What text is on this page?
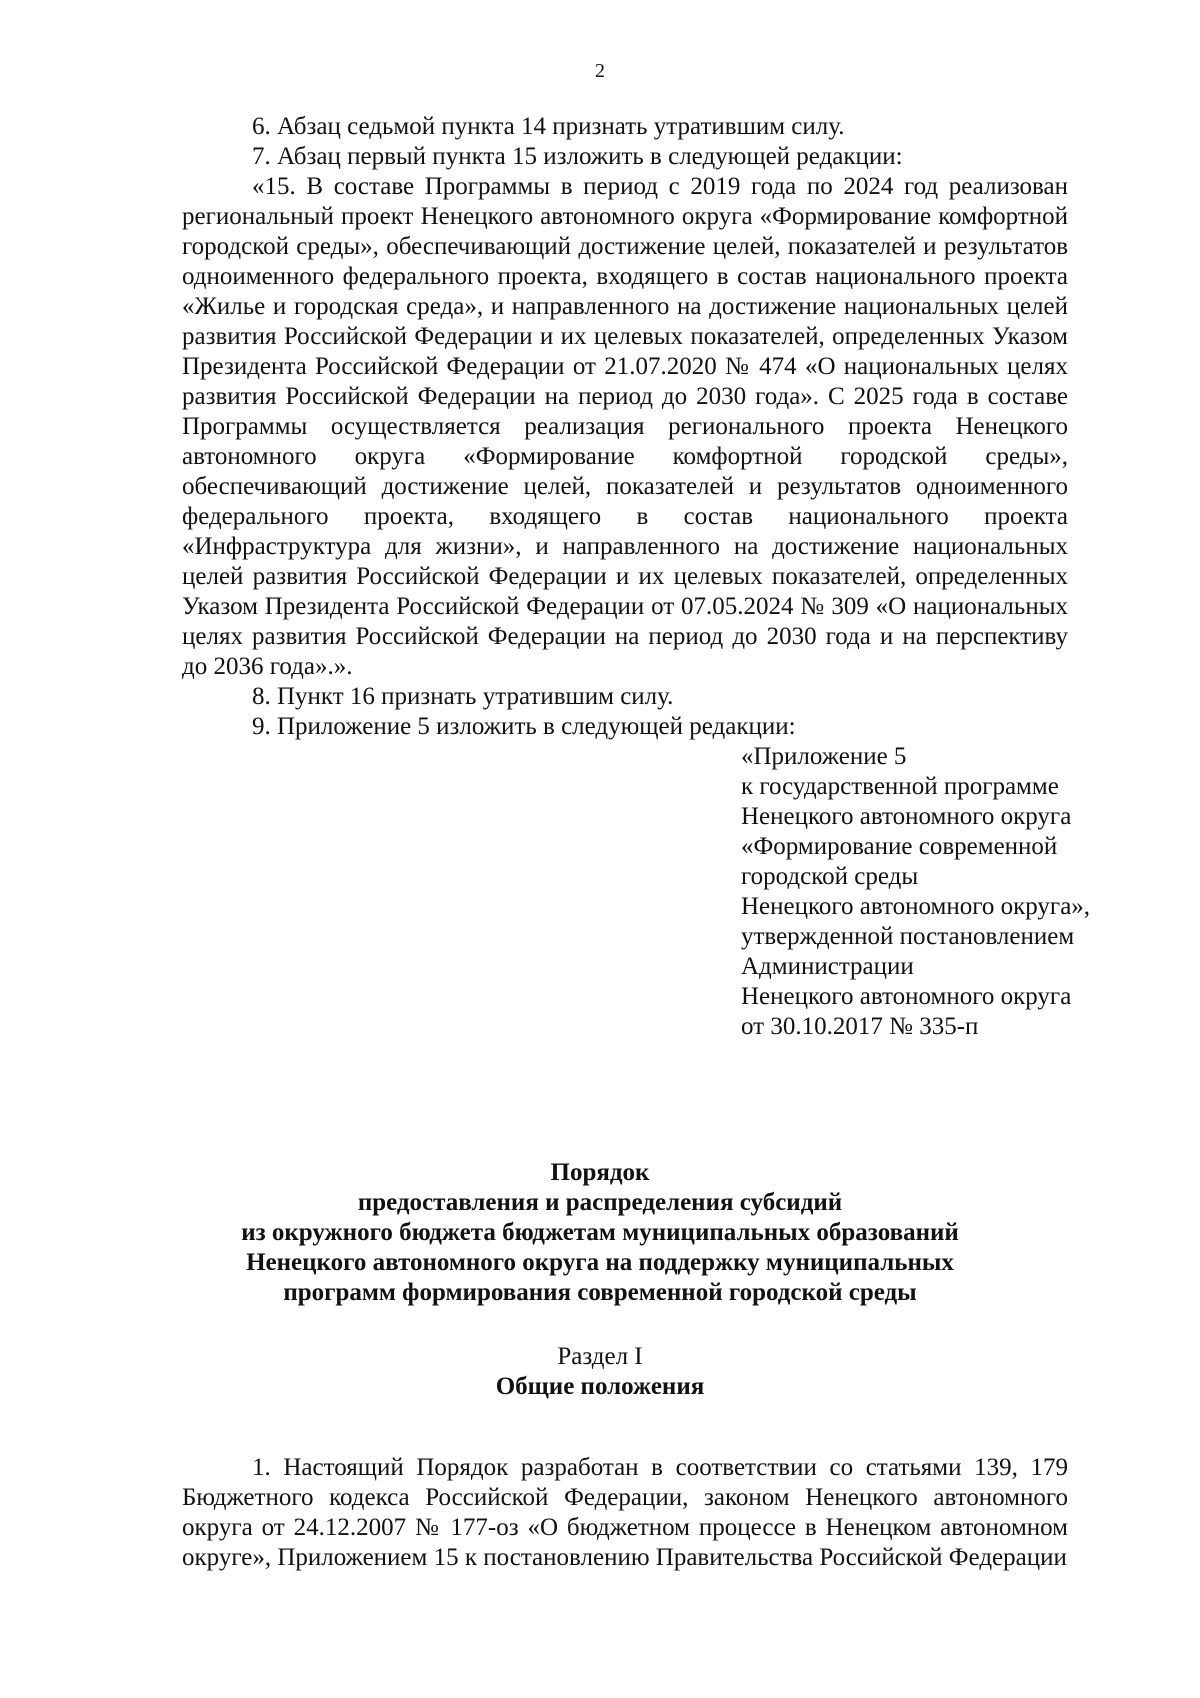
2

6. Абзац седьмой пункта 14 признать утратившим силу.

7. Абзац первый пункта 15 изложить в следующей редакции:

«15. В составе Программы в период с 2019 года по 2024 год реализован региональный проект Ненецкого автономного округа «Формирование комфортной городской среды», обеспечивающий достижение целей, показателей и результатов одноименного федерального проекта, входящего в состав национального проекта «Жилье и городская среда», и направленного на достижение национальных целей развития Российской Федерации и их целевых показателей, определенных Указом Президента Российской Федерации от 21.07.2020 № 474 «О национальных целях развития Российской Федерации на период до 2030 года». С 2025 года в составе Программы осуществляется реализация регионального проекта Ненецкого автономного округа «Формирование комфортной городской среды», обеспечивающий достижение целей, показателей и результатов одноименного федерального проекта, входящего в состав национального проекта «Инфраструктура для жизни», и направленного на достижение национальных целей развития Российской Федерации и их целевых показателей, определенных Указом Президента Российской Федерации от 07.05.2024 № 309 «О национальных целях развития Российской Федерации на период до 2030 года и на перспективу до 2036 года».».

8. Пункт 16 признать утратившим силу.

9. Приложение 5 изложить в следующей редакции:

«Приложение 5
к государственной программе
Ненецкого автономного округа
«Формирование современной
городской среды
Ненецкого автономного округа»,
утвержденной постановлением
Администрации
Ненецкого автономного округа
от 30.10.2017 № 335-п
Порядок
предоставления и распределения субсидий
из окружного бюджета бюджетам муниципальных образований
Ненецкого автономного округа на поддержку муниципальных
программ формирования современной городской среды
Раздел I
Общие положения

1. Настоящий Порядок разработан в соответствии со статьями 139, 179 Бюджетного кодекса Российской Федерации, законом Ненецкого автономного округа от 24.12.2007 № 177-оз «О бюджетном процессе в Ненецком автономном округе», Приложением 15 к постановлению Правительства Российской Федерации
